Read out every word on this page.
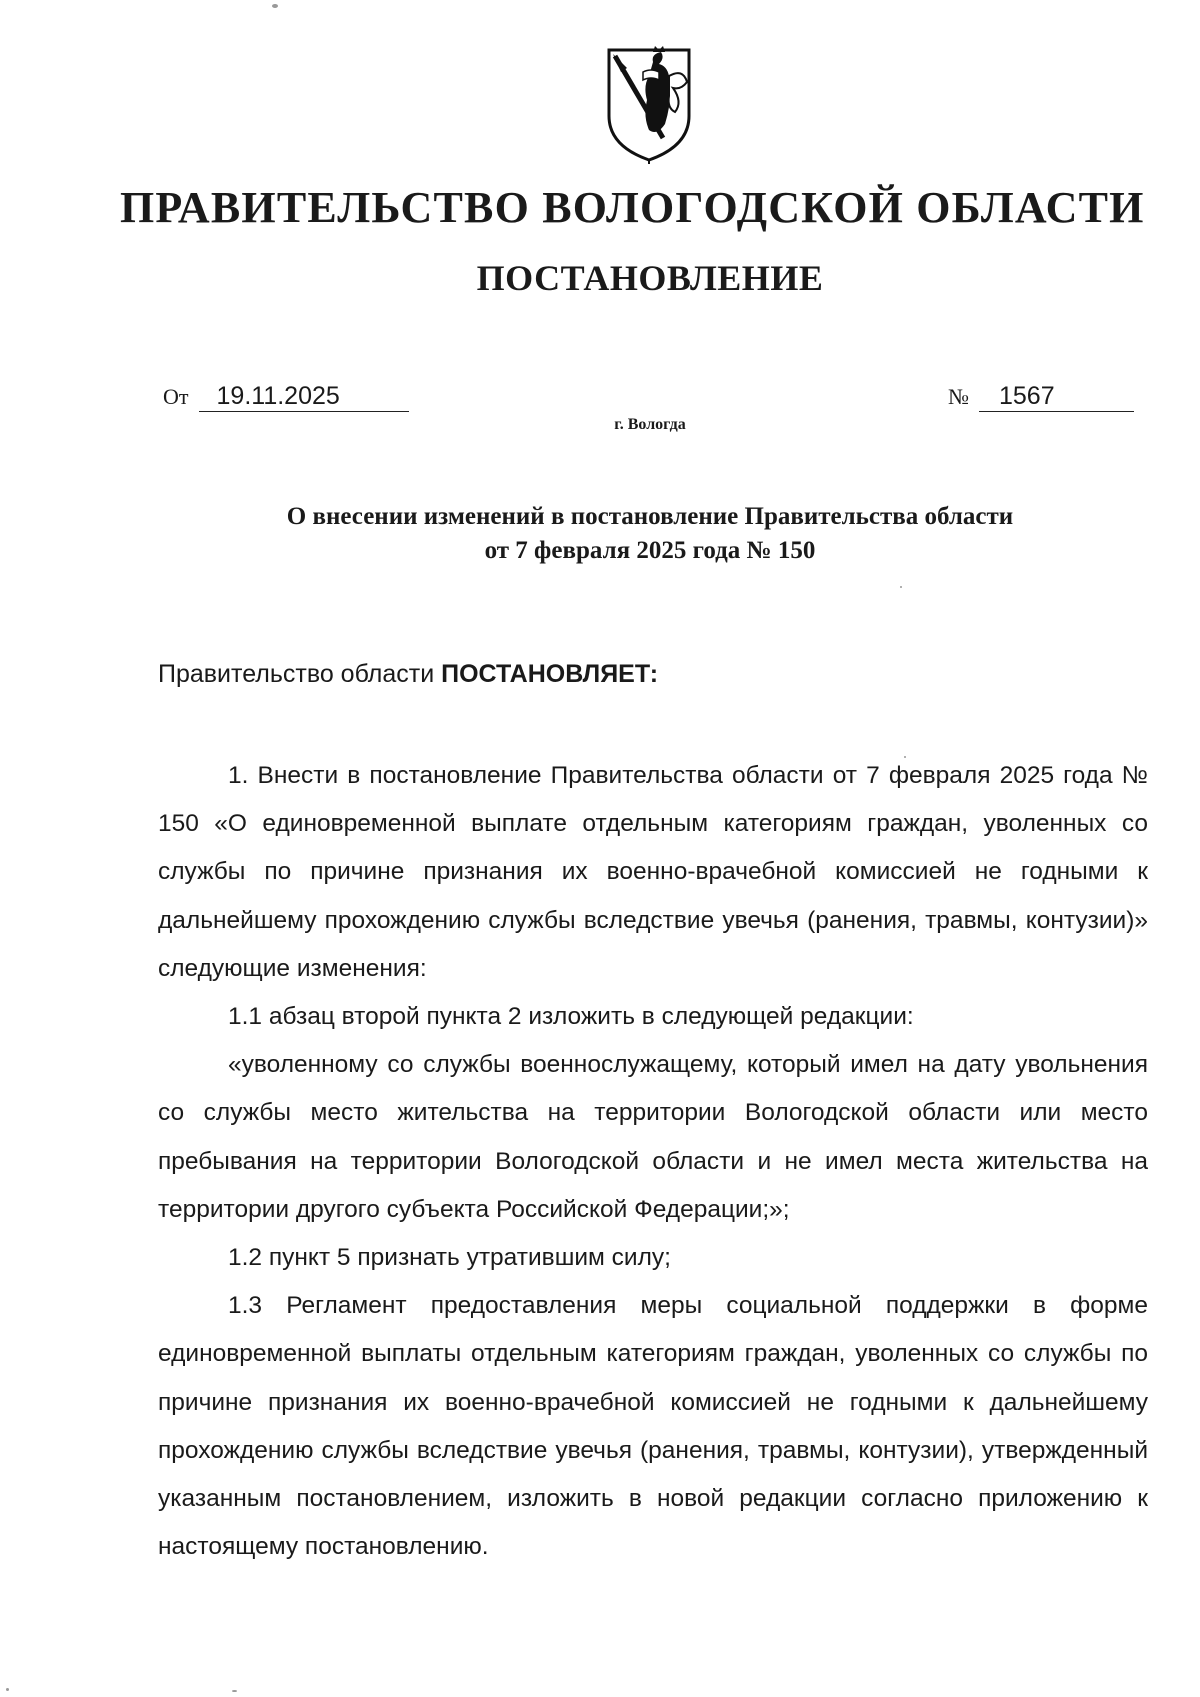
ПРАВИТЕЛЬСТВО ВОЛОГОДСКОЙ ОБЛАСТИ
ПОСТАНОВЛЕНИЕ
От 19.11.2025	№ 1567
г. Вологда
О внесении изменений в постановление Правительства области
от 7 февраля 2025 года № 150
Правительство области ПОСТАНОВЛЯЕТ:

1. Внести в постановление Правительства области от 7 февраля 2025 года № 150 «О единовременной выплате отдельным категориям граждан, уволенных со службы по причине признания их военно-врачебной комиссией не годными к дальнейшему прохождению службы вследствие увечья (ранения, травмы, контузии)» следующие изменения:

1.1 абзац второй пункта 2 изложить в следующей редакции:

«уволенному со службы военнослужащему, который имел на дату увольнения со службы место жительства на территории Вологодской области или место пребывания на территории Вологодской области и не имел места жительства на территории другого субъекта Российской Федерации;»;

1.2 пункт 5 признать утратившим силу;

1.3 Регламент предоставления меры социальной поддержки в форме единовременной выплаты отдельным категориям граждан, уволенных со службы по причине признания их военно-врачебной комиссией не годными к дальнейшему прохождению службы вследствие увечья (ранения, травмы, контузии), утвержденный указанным постановлением, изложить в новой редакции согласно приложению к настоящему постановлению.
